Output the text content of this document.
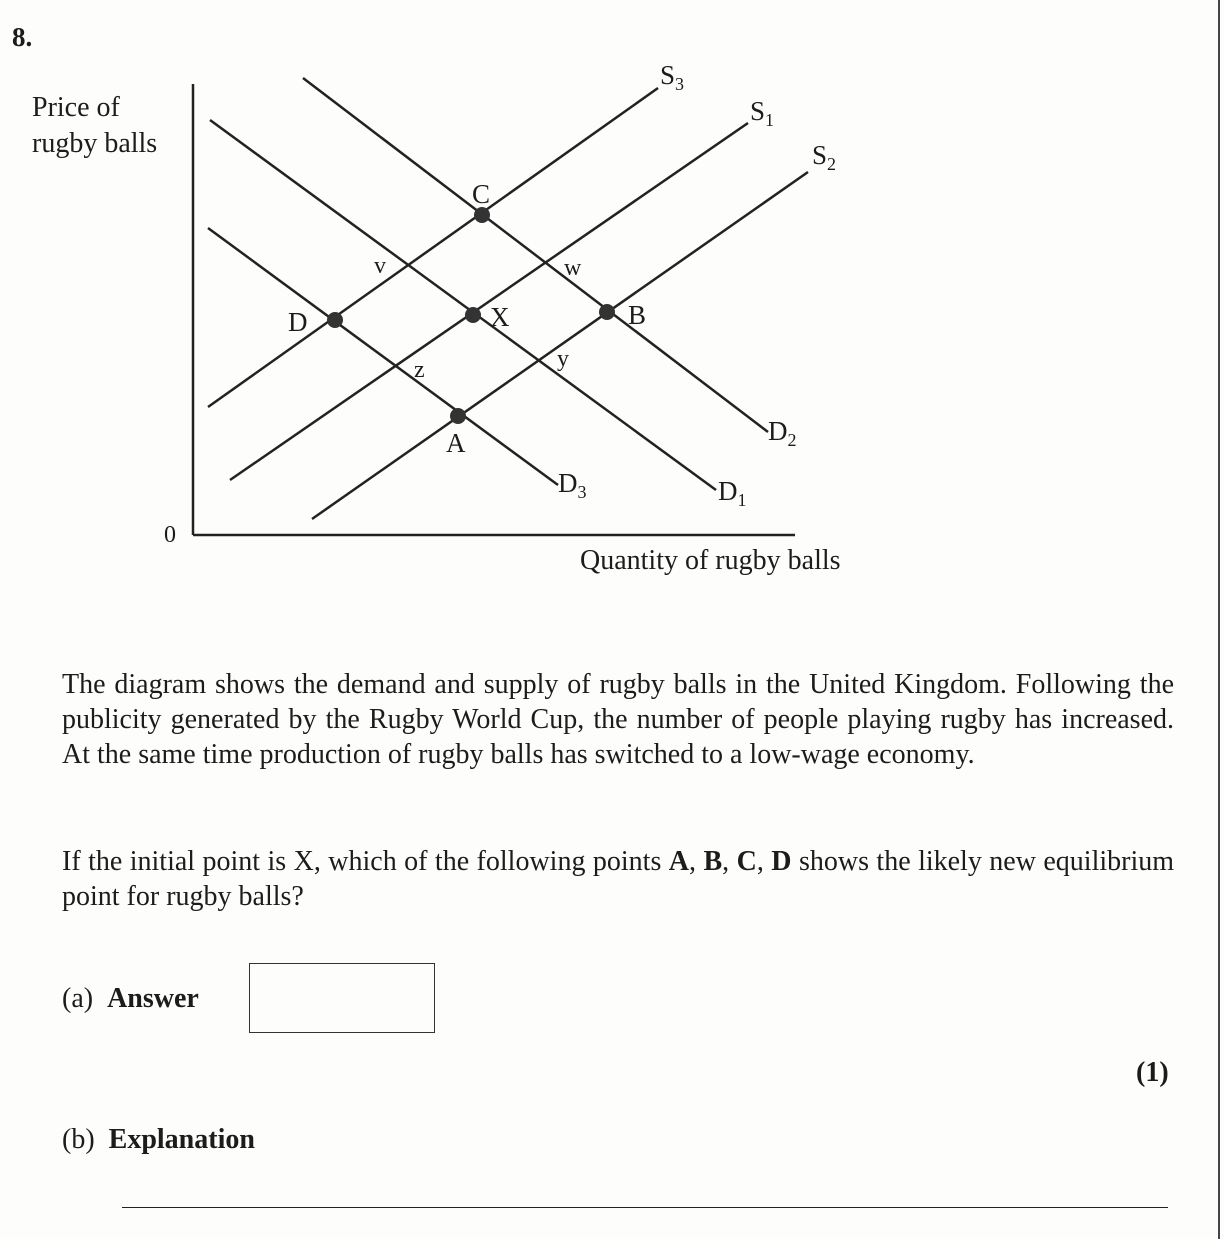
8.
Price of
rugby balls
0
Quantity of rugby balls
C
D	X	B
A
v	w
z	y
$S_3$
$S_1$
$S_2$
$D_2$
$D_1$
$D_3$
The diagram shows the demand and supply of rugby balls in the United Kingdom. Following the publicity generated by the Rugby World Cup, the number of people playing rugby has increased. At the same time production of rugby balls has switched to a low-wage economy.
If the initial point is X, which of the following points A, B, C, D shows the likely new equilibrium point for rugby balls?
(a) Answer
(1)
(b) Explanation
